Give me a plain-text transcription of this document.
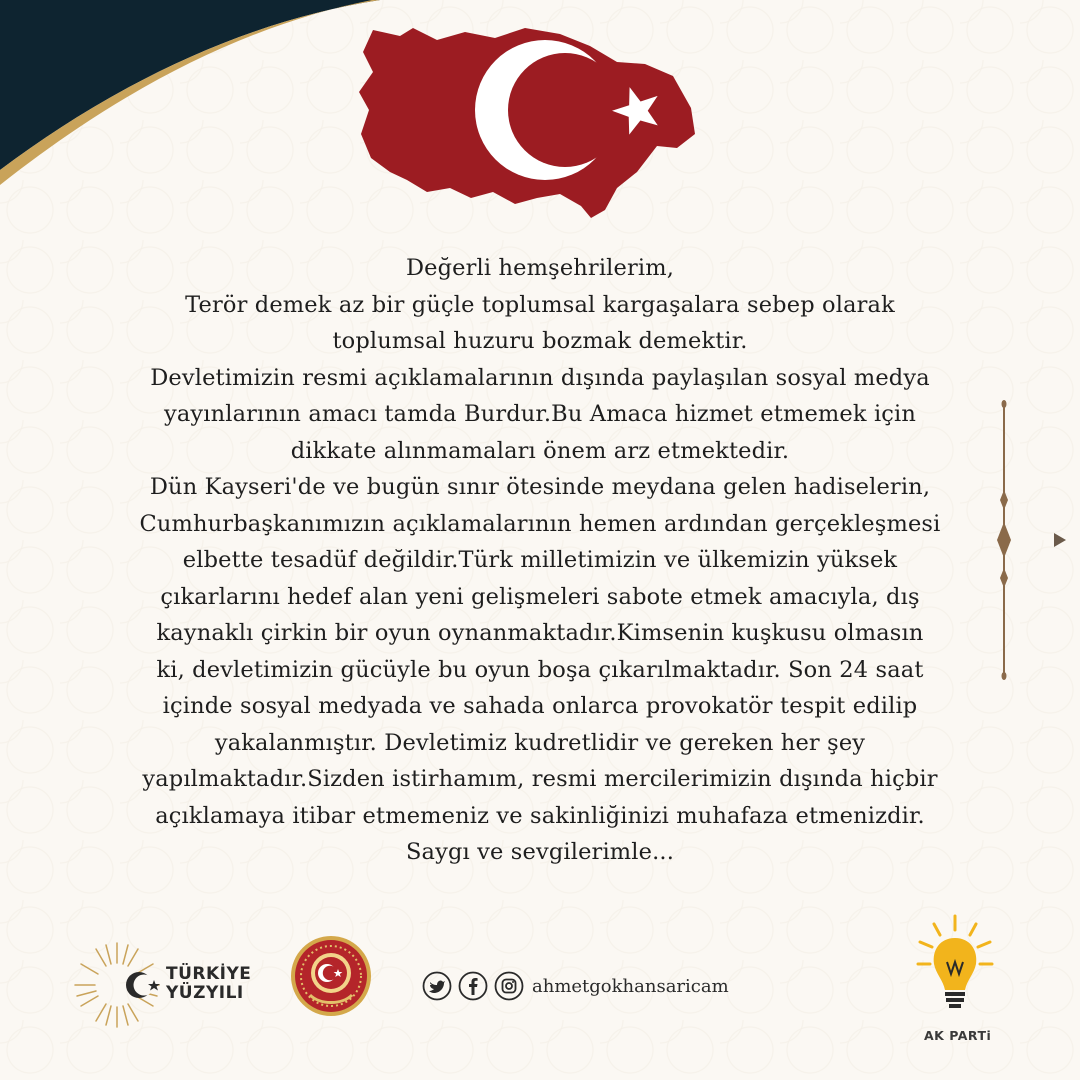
Değerli hemşehrilerim,

Terör demek az bir güçle toplumsal kargaşalara sebep olarak

toplumsal huzuru bozmak demektir.

Devletimizin resmi açıklamalarının dışında paylaşılan sosyal medya

yayınlarının amacı tamda Burdur.Bu Amaca hizmet etmemek için

dikkate alınmamaları önem arz etmektedir.

Dün Kayseri'de ve bugün sınır ötesinde meydana gelen hadiselerin,

Cumhurbaşkanımızın açıklamalarının hemen ardından gerçekleşmesi

elbette tesadüf değildir.Türk milletimizin ve ülkemizin yüksek

çıkarlarını hedef alan yeni gelişmeleri sabote etmek amacıyla, dış

kaynaklı çirkin bir oyun oynanmaktadır.Kimsenin kuşkusu olmasın

ki, devletimizin gücüyle bu oyun boşa çıkarılmaktadır. Son 24 saat

içinde sosyal medyada ve sahada onlarca provokatör tespit edilip

yakalanmıştır. Devletimiz kudretlidir ve gereken her şey

yapılmaktadır.Sizden istirhamım, resmi mercilerimizin dışında hiçbir

açıklamaya itibar etmemeniz ve sakinliğinizi muhafaza etmenizdir.

Saygı ve sevgilerimle...

TÜRKİYE
YÜZYILI	ahmetgokhansaricam
AK PARTi
